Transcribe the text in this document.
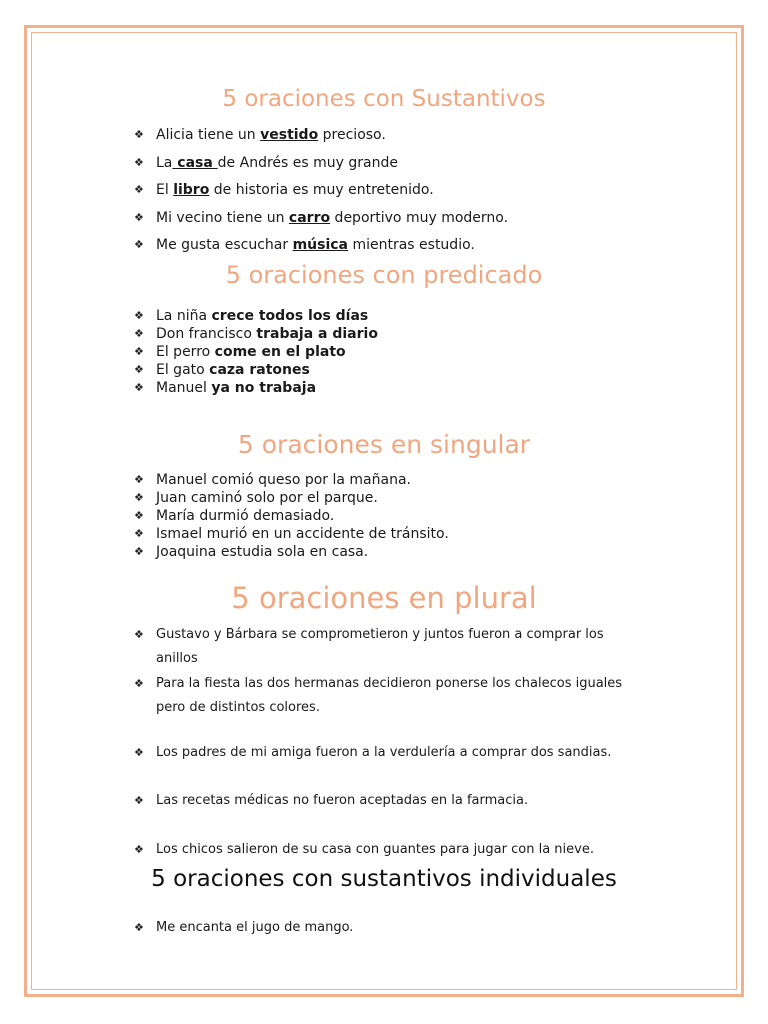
5 oraciones con Sustantivos
❖ Alicia tiene un vestido precioso.
❖ La casa de Andrés es muy grande
❖ El libro de historia es muy entretenido.
❖ Mi vecino tiene un carro deportivo muy moderno.
❖ Me gusta escuchar música mientras estudio.
5 oraciones con predicado
❖ La niña crece todos los días
❖ Don francisco trabaja a diario
❖ El perro come en el plato
❖ El gato caza ratones
❖ Manuel ya no trabaja
5 oraciones en singular
❖ Manuel comió queso por la mañana.
❖ Juan caminó solo por el parque.
❖ María durmió demasiado.
❖ Ismael murió en un accidente de tránsito.
❖ Joaquina estudia sola en casa.
5 oraciones en plural
❖ Gustavo y Bárbara se comprometieron y juntos fueron a comprar los anillos
❖ Para la fiesta las dos hermanas decidieron ponerse los chalecos iguales pero de distintos colores.
❖ Los padres de mi amiga fueron a la verdulería a comprar dos sandias.
❖ Las recetas médicas no fueron aceptadas en la farmacia.
❖ Los chicos salieron de su casa con guantes para jugar con la nieve.
5 oraciones con sustantivos individuales
❖ Me encanta el jugo de mango.
